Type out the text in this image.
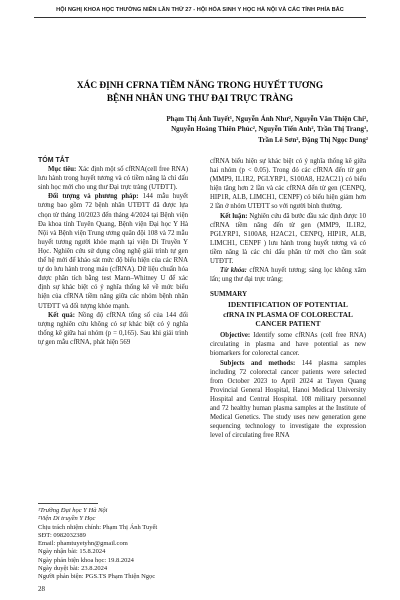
HỘI NGHỊ KHOA HỌC THƯỜNG NIÊN LẦN THỨ 27 - HỘI HÓA SINH Y HỌC HÀ NỘI VÀ CÁC TỈNH PHÍA BẮC
XÁC ĐỊNH CFRNA TIỀM NĂNG TRONG HUYẾT TƯƠNG
BỆNH NHÂN UNG THƯ ĐẠI TRỰC TRÀNG
Phạm Thị Ánh Tuyết¹, Nguyễn Ánh Như², Nguyễn Văn Thiện Chí²,
Nguyễn Hoàng Thiên Phúc², Nguyễn Tiến Anh², Trần Thị Trang²,
Trần Lê Sơn², Đặng Thị Ngọc Dung²

TÓM TẮT

Mục tiêu: Xác định một số cfRNA(cell free RNA) lưu hành trong huyết tương và có tiềm năng là chỉ dấu sinh học mới cho ung thư Đại trực tràng (UTĐTT).

Đối tượng và phương pháp: 144 mẫu huyết tương bao gồm 72 bệnh nhân UTĐTT đã được lựa chọn từ tháng 10/2023 đến tháng 4/2024 tại Bệnh viện Đa khoa tỉnh Tuyên Quang, Bệnh viện Đại học Y Hà Nội và Bệnh viện Trung ương quân đội 108 và 72 mẫu huyết tương người khỏe mạnh tại viện Di Truyền Y Học. Nghiên cứu sử dụng công nghệ giải trình tự gen thế hệ mới để khảo sát mức độ biểu hiện của các RNA tự do lưu hành trong máu (cfRNA). Dữ liệu chuẩn hóa được phân tích bằng test Mann–Whitney U để xác định sự khác biệt có ý nghĩa thống kê về mức biểu hiện của cfRNA tiềm năng giữa các nhóm bệnh nhân UTĐTT và đối tượng khỏe mạnh.

Kết quả: Nồng độ cfRNA tổng số của 144 đối tượng nghiên cứu không có sự khác biệt có ý nghĩa thống kê giữa hai nhóm (p = 0,165). Sau khi giải trình tự gen mẫu cfRNA, phát hiện 569

¹Trường Đại học Y Hà Nội
²Viện Di truyền Y Học
Chịu trách nhiệm chính: Phạm Thị Ánh Tuyết
SĐT: 0982032389
Email: phamtuyetyhn@gmail.com
Ngày nhận bài: 15.8.2024
Ngày phản biện khoa học: 19.8.2024
Ngày duyệt bài: 23.8.2024
Người phản biện: PGS.TS Phạm Thiện Ngọc

cfRNA biểu hiện sự khác biệt có ý nghĩa thống kê giữa hai nhóm (p < 0.05). Trong đó các cfRNA đến từ gen (MMP9, IL1R2, PGLYRP1, S100A8, H2AC21) có biểu hiện tăng hơn 2 lần và các cfRNA đến từ gen (CENPQ, HIP1R, ALB, LIMCH1, CENPF) có biểu hiện giảm hơn 2 lần ở nhóm UTĐTT so với người bình thường.

Kết luận: Nghiên cứu đã bước đầu xác định được 10 cfRNA tiềm năng đến từ gen (MMP9, IL1R2, PGLYRP1, S100A8, H2AC21, CENPQ, HIP1R, ALB, LIMCH1, CENPF ) lưu hành trong huyết tương và có tiềm năng là các chỉ dấu phân tử mới cho tầm soát UTĐTT.

Từ khóa: cfRNA huyết tương; sàng lọc không xâm lấn; ung thư đại trực tràng;

SUMMARY

IDENTIFICATION OF POTENTIAL
cfRNA IN PLASMA OF COLORECTAL
CANCER PATIENT

Objective: Identify some cfRNAs (cell free RNA) circulating in plasma and have potential as new biomarkers for colorectal cancer.

Subjects and methods: 144 plasma samples including 72 colorectal cancer patients were selected from October 2023 to April 2024 at Tuyen Quang Provincial General Hospital, Hanoi Medical University Hospital and Central Hospital. 108 military personnel and 72 healthy human plasma samples at the Institute of Medical Genetics. The study uses new generation gene sequencing technology to investigate the expression level of circulating free RNA

28
